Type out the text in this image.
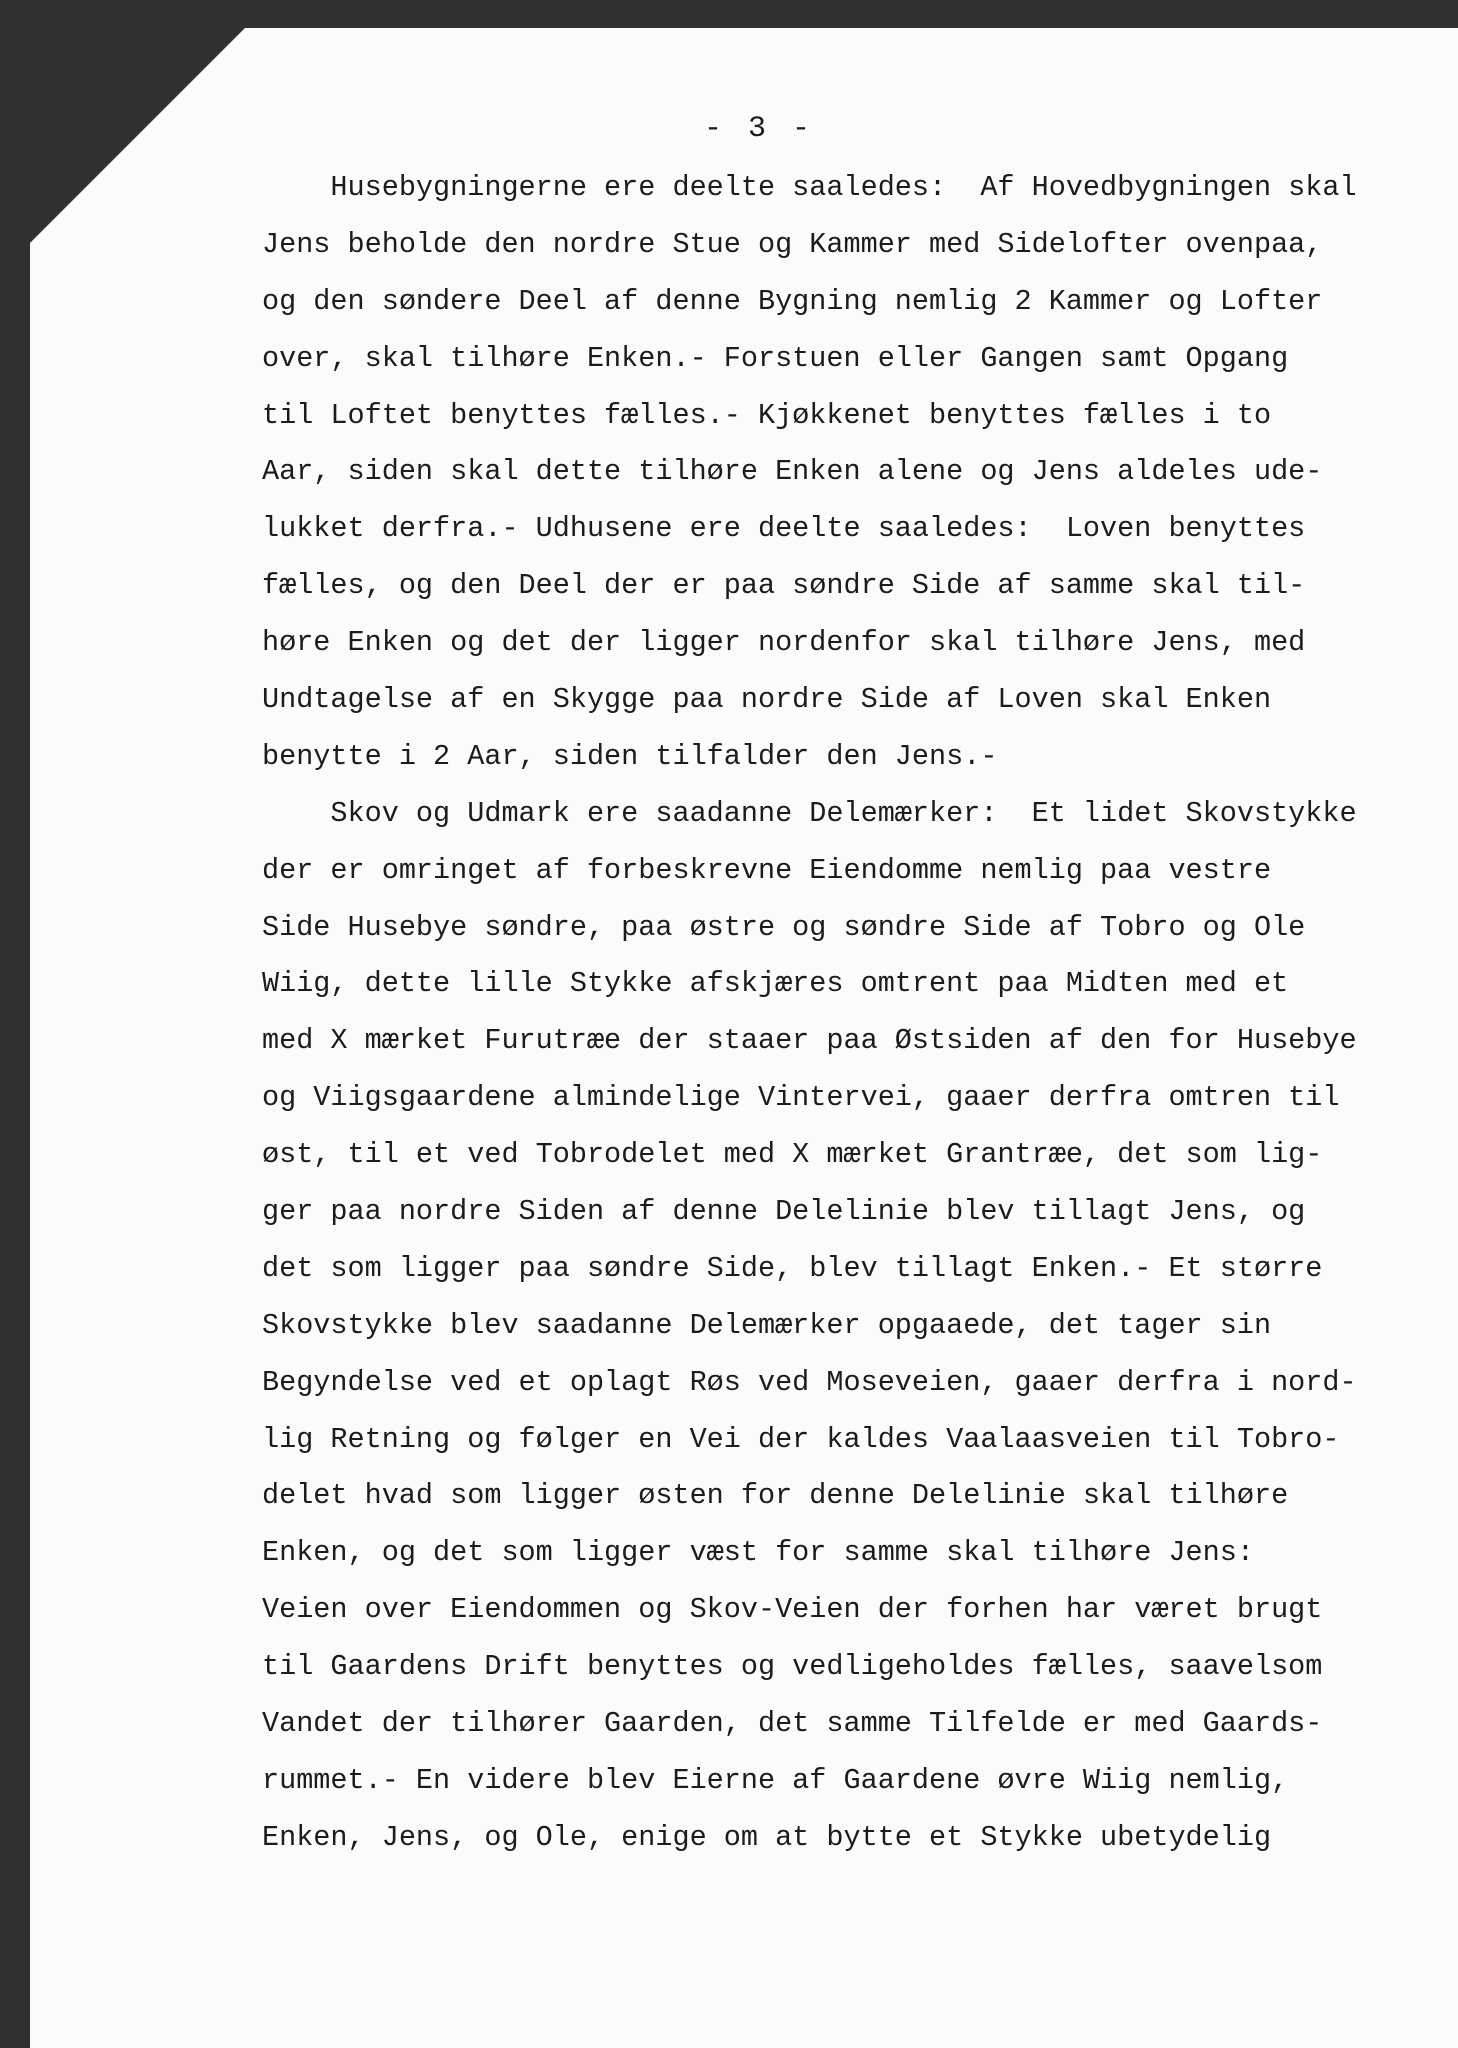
- 3 -
Husebygningerne ere deelte saaledes:  Af Hovedbygningen skal
Jens beholde den nordre Stue og Kammer med Sidelofter ovenpaa,
og den søndere Deel af denne Bygning nemlig 2 Kammer og Lofter
over, skal tilhøre Enken.- Forstuen eller Gangen samt Opgang
til Loftet benyttes fælles.- Kjøkkenet benyttes fælles i to
Aar, siden skal dette tilhøre Enken alene og Jens aldeles ude-
lukket derfra.- Udhusene ere deelte saaledes:  Loven benyttes
fælles, og den Deel der er paa søndre Side af samme skal til-
høre Enken og det der ligger nordenfor skal tilhøre Jens, med
Undtagelse af en Skygge paa nordre Side af Loven skal Enken
benytte i 2 Aar, siden tilfalder den Jens.-
Skov og Udmark ere saadanne Delemærker:  Et lidet Skovstykke
der er omringet af forbeskrevne Eiendomme nemlig paa vestre
Side Husebye søndre, paa østre og søndre Side af Tobro og Ole
Wiig, dette lille Stykke afskjæres omtrent paa Midten med et
med X mærket Furutræe der staaer paa Østsiden af den for Husebye
og Viigsgaardene almindelige Vintervei, gaaer derfra omtren til
øst, til et ved Tobrodelet med X mærket Grantræe, det som lig-
ger paa nordre Siden af denne Delelinie blev tillagt Jens, og
det som ligger paa søndre Side, blev tillagt Enken.- Et større
Skovstykke blev saadanne Delemærker opgaaede, det tager sin
Begyndelse ved et oplagt Røs ved Moseveien, gaaer derfra i nord-
lig Retning og følger en Vei der kaldes Vaalaasveien til Tobro-
delet hvad som ligger østen for denne Delelinie skal tilhøre
Enken, og det som ligger væst for samme skal tilhøre Jens:
Veien over Eiendommen og Skov-Veien der forhen har været brugt
til Gaardens Drift benyttes og vedligeholdes fælles, saavelsom
Vandet der tilhører Gaarden, det samme Tilfelde er med Gaards-
rummet.- En videre blev Eierne af Gaardene øvre Wiig nemlig,
Enken, Jens, og Ole, enige om at bytte et Stykke ubetydelig
